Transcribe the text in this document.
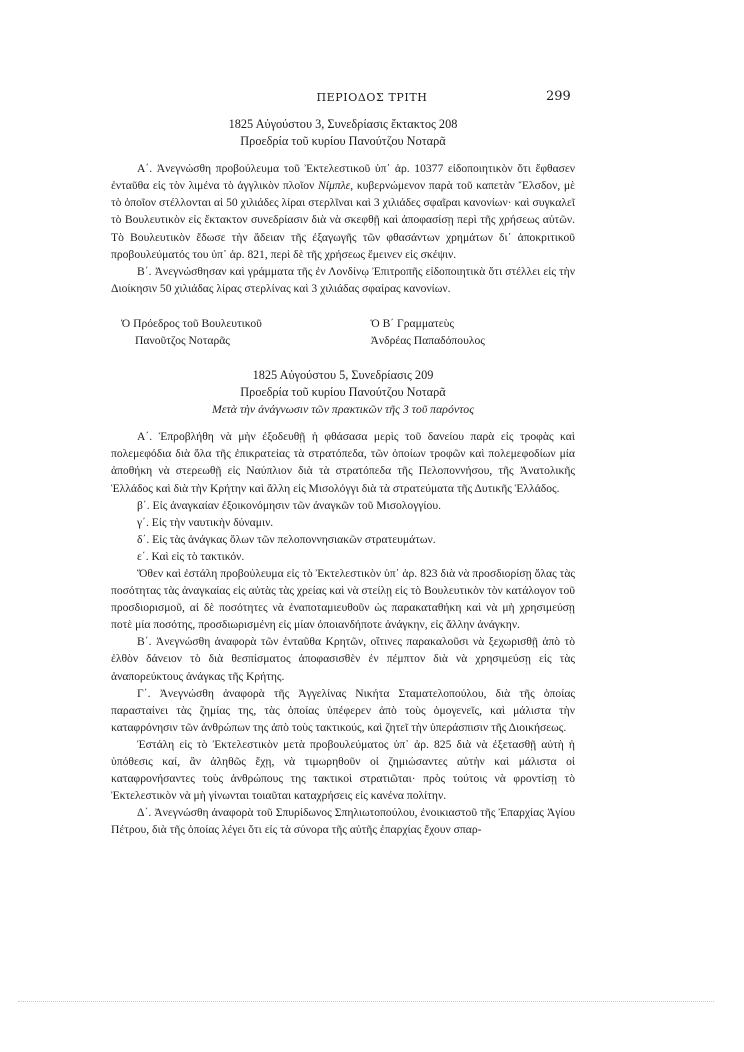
ΠΕΡΙΟΔΟΣ ΤΡΙΤΗ	299
1825 Αὐγούστου 3, Συνεδρίασις ἔκτακτος 208
Προεδρία τοῦ κυρίου Πανούτζου Νοταρᾶ

Α΄. Ἀνεγνώσθη προβούλευμα τοῦ Ἐκτελεστικοῦ ὑπ᾿ ἀρ. 10377 εἰδοποιητικὸν ὅτι ἔφθασεν ἐνταῦθα εἰς τὸν λιμένα τὸ ἀγγλικὸν πλοῖον Νίμπλε, κυβερνώμενον παρὰ τοῦ καπετὰν Ἔλσδον, μὲ τὸ ὁποῖον στέλλονται αἱ 50 χιλιάδες λίραι στερλῖναι καὶ 3 χιλιάδες σφαῖραι κανονίων· καὶ συγκαλεῖ τὸ Βουλευτικὸν εἰς ἔκτακτον συνεδρίασιν διὰ νὰ σκεφθῇ καὶ ἀποφασίσῃ περὶ τῆς χρήσεως αὐτῶν. Τὸ Βουλευτικὸν ἔδωσε τὴν ἄδειαν τῆς ἐξαγωγῆς τῶν φθασάντων χρημάτων δι᾿ ἀποκριτικοῦ προβουλεύματός του ὑπ᾿ ἀρ. 821, περὶ δὲ τῆς χρήσεως ἔμεινεν εἰς σκέψιν.

Β΄. Ἀνεγνώσθησαν καὶ γράμματα τῆς ἐν Λονδίνῳ Ἐπιτροπῆς εἰδοποιητικὰ ὅτι στέλλει εἰς τὴν Διοίκησιν 50 χιλιάδας λίρας στερλίνας καὶ 3 χιλιάδας σφαίρας κανονίων.

Ὁ Πρόεδρος τοῦ Βουλευτικοῦ
Πανοῦτζος Νοταρᾶς
Ὁ Β΄ Γραμματεὺς
Ἀνδρέας Παπαδόπουλος
1825 Αὐγούστου 5, Συνεδρίασις 209
Προεδρία τοῦ κυρίου Πανούτζου Νοταρᾶ
Μετὰ τὴν ἀνάγνωσιν τῶν πρακτικῶν τῆς 3 τοῦ παρόντος

Α΄. Ἐπροβλήθη νὰ μὴν ἐξοδευθῇ ἡ φθάσασα μερὶς τοῦ δανείου παρὰ εἰς τροφὰς καὶ πολεμεφόδια διὰ ὅλα τῆς ἐπικρατείας τὰ στρατόπεδα, τῶν ὁποίων τροφῶν καὶ πολεμεφοδίων μία ἀποθήκη νὰ στερεωθῇ εἰς Ναύπλιον διὰ τὰ στρατόπεδα τῆς Πελοποννήσου, τῆς Ἀνατολικῆς Ἑλλάδος καὶ διὰ τὴν Κρήτην καὶ ἄλλη εἰς Μισολόγγι διὰ τὰ στρατεύματα τῆς Δυτικῆς Ἑλλάδος.

β΄. Εἰς ἀναγκαίαν ἐξοικονόμησιν τῶν ἀναγκῶν τοῦ Μισολογγίου.

γ΄. Εἰς τὴν ναυτικὴν δύναμιν.

δ΄. Εἰς τὰς ἀνάγκας ὅλων τῶν πελοποννησιακῶν στρατευμάτων.

ε΄. Καὶ εἰς τὸ τακτικόν.

Ὅθεν καὶ ἐστάλη προβούλευμα εἰς τὸ Ἐκτελεστικὸν ὑπ᾿ ἀρ. 823 διὰ νὰ προσδιορίσῃ ὅλας τὰς ποσότητας τὰς ἀναγκαίας εἰς αὐτὰς τὰς χρείας καὶ νὰ στείλῃ εἰς τὸ Βουλευτικὸν τὸν κατάλογον τοῦ προσδιορισμοῦ, αἱ δὲ ποσότητες νὰ ἐναποταμιευθοῦν ὡς παρακαταθήκη καὶ νὰ μὴ χρησιμεύσῃ ποτὲ μία ποσότης, προσδιωρισμένη εἰς μίαν ὁποιανδήποτε ἀνάγκην, εἰς ἄλλην ἀνάγκην.

Β΄. Ἀνεγνώσθη ἀναφορὰ τῶν ἐνταῦθα Κρητῶν, οἵτινες παρακαλοῦσι νὰ ξεχωρισθῇ ἀπὸ τὸ ἐλθὸν δάνειον τὸ διὰ θεσπίσματος ἀποφασισθὲν ἐν πέμπτον διὰ νὰ χρησιμεύσῃ εἰς τὰς ἀναπορεύκτους ἀνάγκας τῆς Κρήτης.

Γ΄. Ἀνεγνώσθη ἀναφορὰ τῆς Ἀγγελίνας Νικήτα Σταματελοπούλου, διὰ τῆς ὁποίας παρασταίνει τὰς ζημίας της, τὰς ὁποίας ὑπέφερεν ἀπὸ τοὺς ὁμογενεῖς, καὶ μάλιστα τὴν καταφρόνησιν τῶν ἀνθρώπων της ἀπὸ τοὺς τακτικούς, καὶ ζητεῖ τὴν ὑπεράσπισιν τῆς Διοικήσεως.

Ἐστάλη εἰς τὸ Ἐκτελεστικὸν μετὰ προβουλεύματος ὑπ᾿ ἀρ. 825 διὰ νὰ ἐξετασθῇ αὐτὴ ἡ ὑπόθεσις καί, ἂν ἀληθῶς ἔχῃ, νὰ τιμωρηθοῦν οἱ ζημιώσαντες αὐτὴν καὶ μάλιστα οἱ καταφρονήσαντες τοὺς ἀνθρώπους της τακτικοὶ στρατιῶται· πρὸς τούτοις νὰ φροντίσῃ τὸ Ἐκτελεστικὸν νὰ μὴ γίνωνται τοιαῦται καταχρήσεις εἰς κανένα πολίτην.

Δ΄. Ἀνεγνώσθη ἀναφορὰ τοῦ Σπυρίδωνος Σπηλιωτοπούλου, ἐνοικιαστοῦ τῆς Ἐπαρχίας Ἁγίου Πέτρου, διὰ τῆς ὁποίας λέγει ὅτι εἰς τὰ σύνορα τῆς αὐτῆς ἐπαρχίας ἔχουν σπαρ-
